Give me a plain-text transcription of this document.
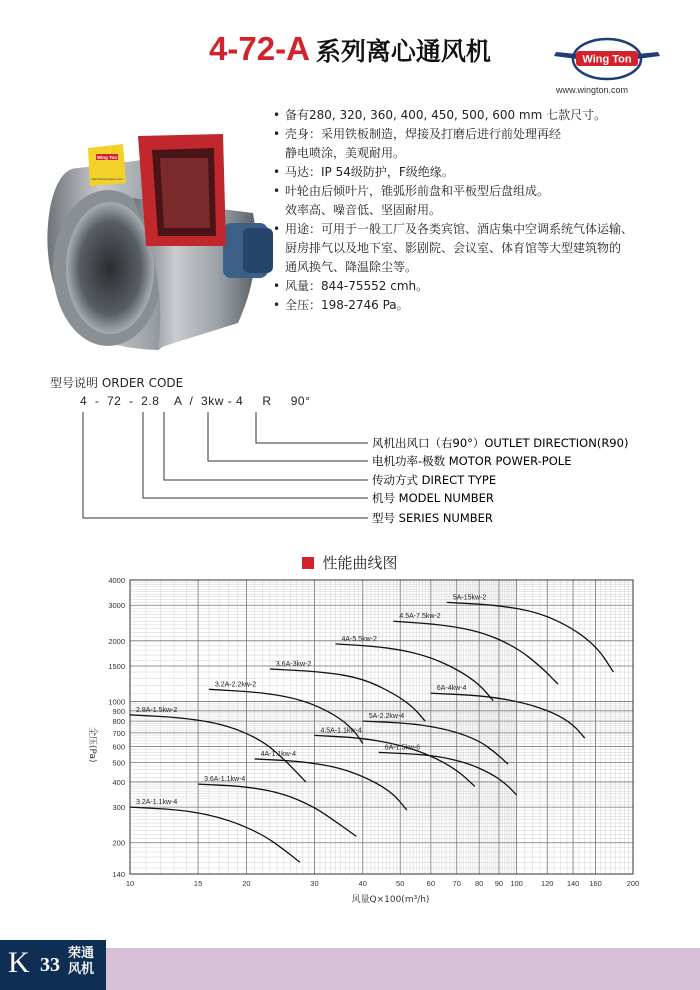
4-72-A 系列离心通风机	Wing Ton
www.wington.com
• 备有280, 320, 360, 400, 450, 500, 600 mm 七款尺寸。
• 壳身：采用铁板制造，焊接及打磨后进行前处理再经
静电喷涂，美观耐用。
• 马达：IP 54级防护，F级绝缘。
• 叶轮由后倾叶片，锥弧形前盘和平板型后盘组成。
效率高、噪音低、坚固耐用。
• 用途：可用于一般工厂及各类宾馆、酒店集中空调系统气体运输、
厨房排气以及地下室、影剧院、会议室、体育馆等大型建筑物的
通风换气、降温除尘等。
• 风量：844-75552 cmh。
• 全压：198-2746 Pa。
Wing Ton
http://www.wington.com
型号说明 ORDER CODE
4  -  72  -  2.8    A  /  3kw - 4     R     90°
风机出风口（右90°）OUTLET DIRECTION(R90)
电机功率-极数 MOTOR POWER-POLE
传动方式 DIRECT TYPE
机号 MODEL NUMBER
型号 SERIES NUMBER
性能曲线图
10	15	20	30	40	50	60 70 80 90 100 120 140 160	200
140
200
300
400
500
600
700
800
900
1000
1500
2000
3000
4000
2.8A-1.5kw-2
3.2A-2.2kw-2
3.6A-3kw-2
4A-5.5kw-2
4.5A-7.5kw-2
5A-15kw-2
3.2A-1.1kw-4
3.6A-1.1kw-4
4A-1.1kw-4
4.5A-1.1kw-4
5A-2.2kw-4
6A-1.5kw-6
6A-4kw-4
风量Q×100(m³/h)
全压(Pa)
K 33
荣通
风机
